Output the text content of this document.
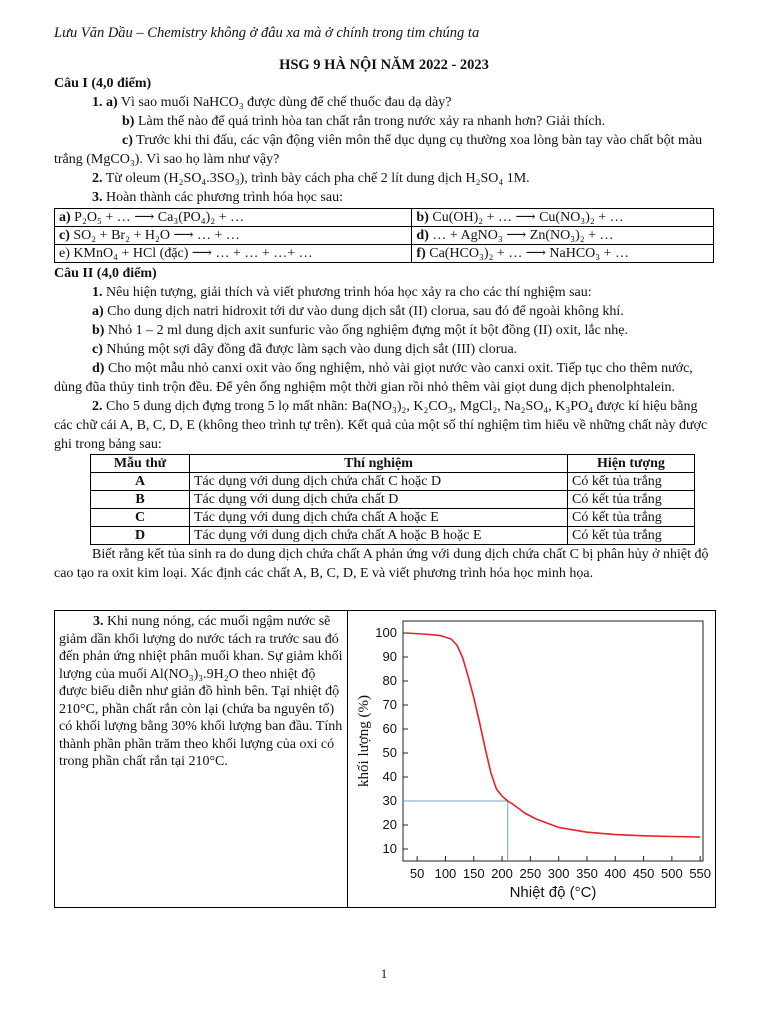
Lưu Văn Dầu – Chemistry không ở đâu xa mà ở chính trong tim chúng ta
HSG 9 HÀ NỘI NĂM 2022 - 2023

Câu I (4,0 điểm)

1. a) Vì sao muối NaHCO₃ được dùng để chế thuốc đau dạ dày?

b) Làm thế nào để quá trình hòa tan chất rắn trong nước xảy ra nhanh hơn? Giải thích.

c) Trước khi thi đấu, các vận động viên môn thể dục dụng cụ thường xoa lòng bàn tay vào chất bột màu trắng (MgCO₃). Vì sao họ làm như vậy?

2. Từ oleum (H₂SO₄.3SO₃), trình bày cách pha chế 2 lít dung dịch H₂SO₄ 1M.

3. Hoàn thành các phương trình hóa học sau:

a) P₂O₅ + … ⟶ Ca₃(PO₄)₂ + …	b) Cu(OH)₂ + … ⟶ Cu(NO₃)₂ + …
c) SO₂ + Br₂ + H₂O ⟶ … + …	d) … + AgNO₃ ⟶ Zn(NO₃)₂ + …
e) KMnO₄ + HCl (đặc) ⟶ … + … + …+ …	f) Ca(HCO₃)₂ + … ⟶ NaHCO₃ + …

Câu II (4,0 điểm)

1. Nêu hiện tượng, giải thích và viết phương trình hóa học xảy ra cho các thí nghiệm sau:

a) Cho dung dịch natri hidroxit tới dư vào dung dịch sắt (II) clorua, sau đó để ngoài không khí.

b) Nhỏ 1 – 2 ml dung dịch axit sunfuric vào ống nghiệm đựng một ít bột đồng (II) oxit, lắc nhẹ.

c) Nhúng một sợi dây đồng đã được làm sạch vào dung dịch sắt (III) clorua.

d) Cho một mẫu nhỏ canxi oxit vào ống nghiệm, nhỏ vài giọt nước vào canxi oxit. Tiếp tục cho thêm nước, dùng đũa thủy tinh trộn đều. Để yên ống nghiệm một thời gian rồi nhỏ thêm vài giọt dung dịch phenolphtalein.

2. Cho 5 dung dịch đựng trong 5 lọ mất nhãn: Ba(NO₃)₂, K₂CO₃, MgCl₂, Na₂SO₄, K₃PO₄ được kí hiệu bằng các chữ cái A, B, C, D, E (không theo trình tự trên). Kết quả của một số thí nghiệm tìm hiểu về những chất này được ghi trong bảng sau:

Mẫu thử	Thí nghiệm	Hiện tượng
A	Tác dụng với dung dịch chứa chất C hoặc D	Có kết tủa trắng
B	Tác dụng với dung dịch chứa chất D	Có kết tủa trắng
C	Tác dụng với dung dịch chứa chất A hoặc E	Có kết tủa trắng
D	Tác dụng với dung dịch chứa chất A hoặc B hoặc E	Có kết tủa trắng

Biết rằng kết tủa sinh ra do dung dịch chứa chất A phản ứng với dung dịch chứa chất C bị phân hủy ở nhiệt độ cao tạo ra oxit kim loại. Xác định các chất A, B, C, D, E và viết phương trình hóa học minh họa.

3. Khi nung nóng, các muối ngậm nước sẽ giảm dần khối lượng do nước tách ra trước sau đó đến phản ứng nhiệt phân muối khan. Sự giảm khối lượng của muối Al(NO₃)₃.9H₂O theo nhiệt độ được biểu diễn như giản đồ hình bên. Tại nhiệt độ 210°C, phần chất rắn còn lại (chứa ba nguyên tố) có khối lượng bằng 30% khối lượng ban đầu. Tính thành phần phần trăm theo khối lượng của oxi có trong phần chất rắn tại 210°C.
10
20
30
40
50
60
70
80
90
100
50 100 150 200 250 300 350 400 450 500 550
Nhiệt độ (°C)
khối lượng (%)
1
